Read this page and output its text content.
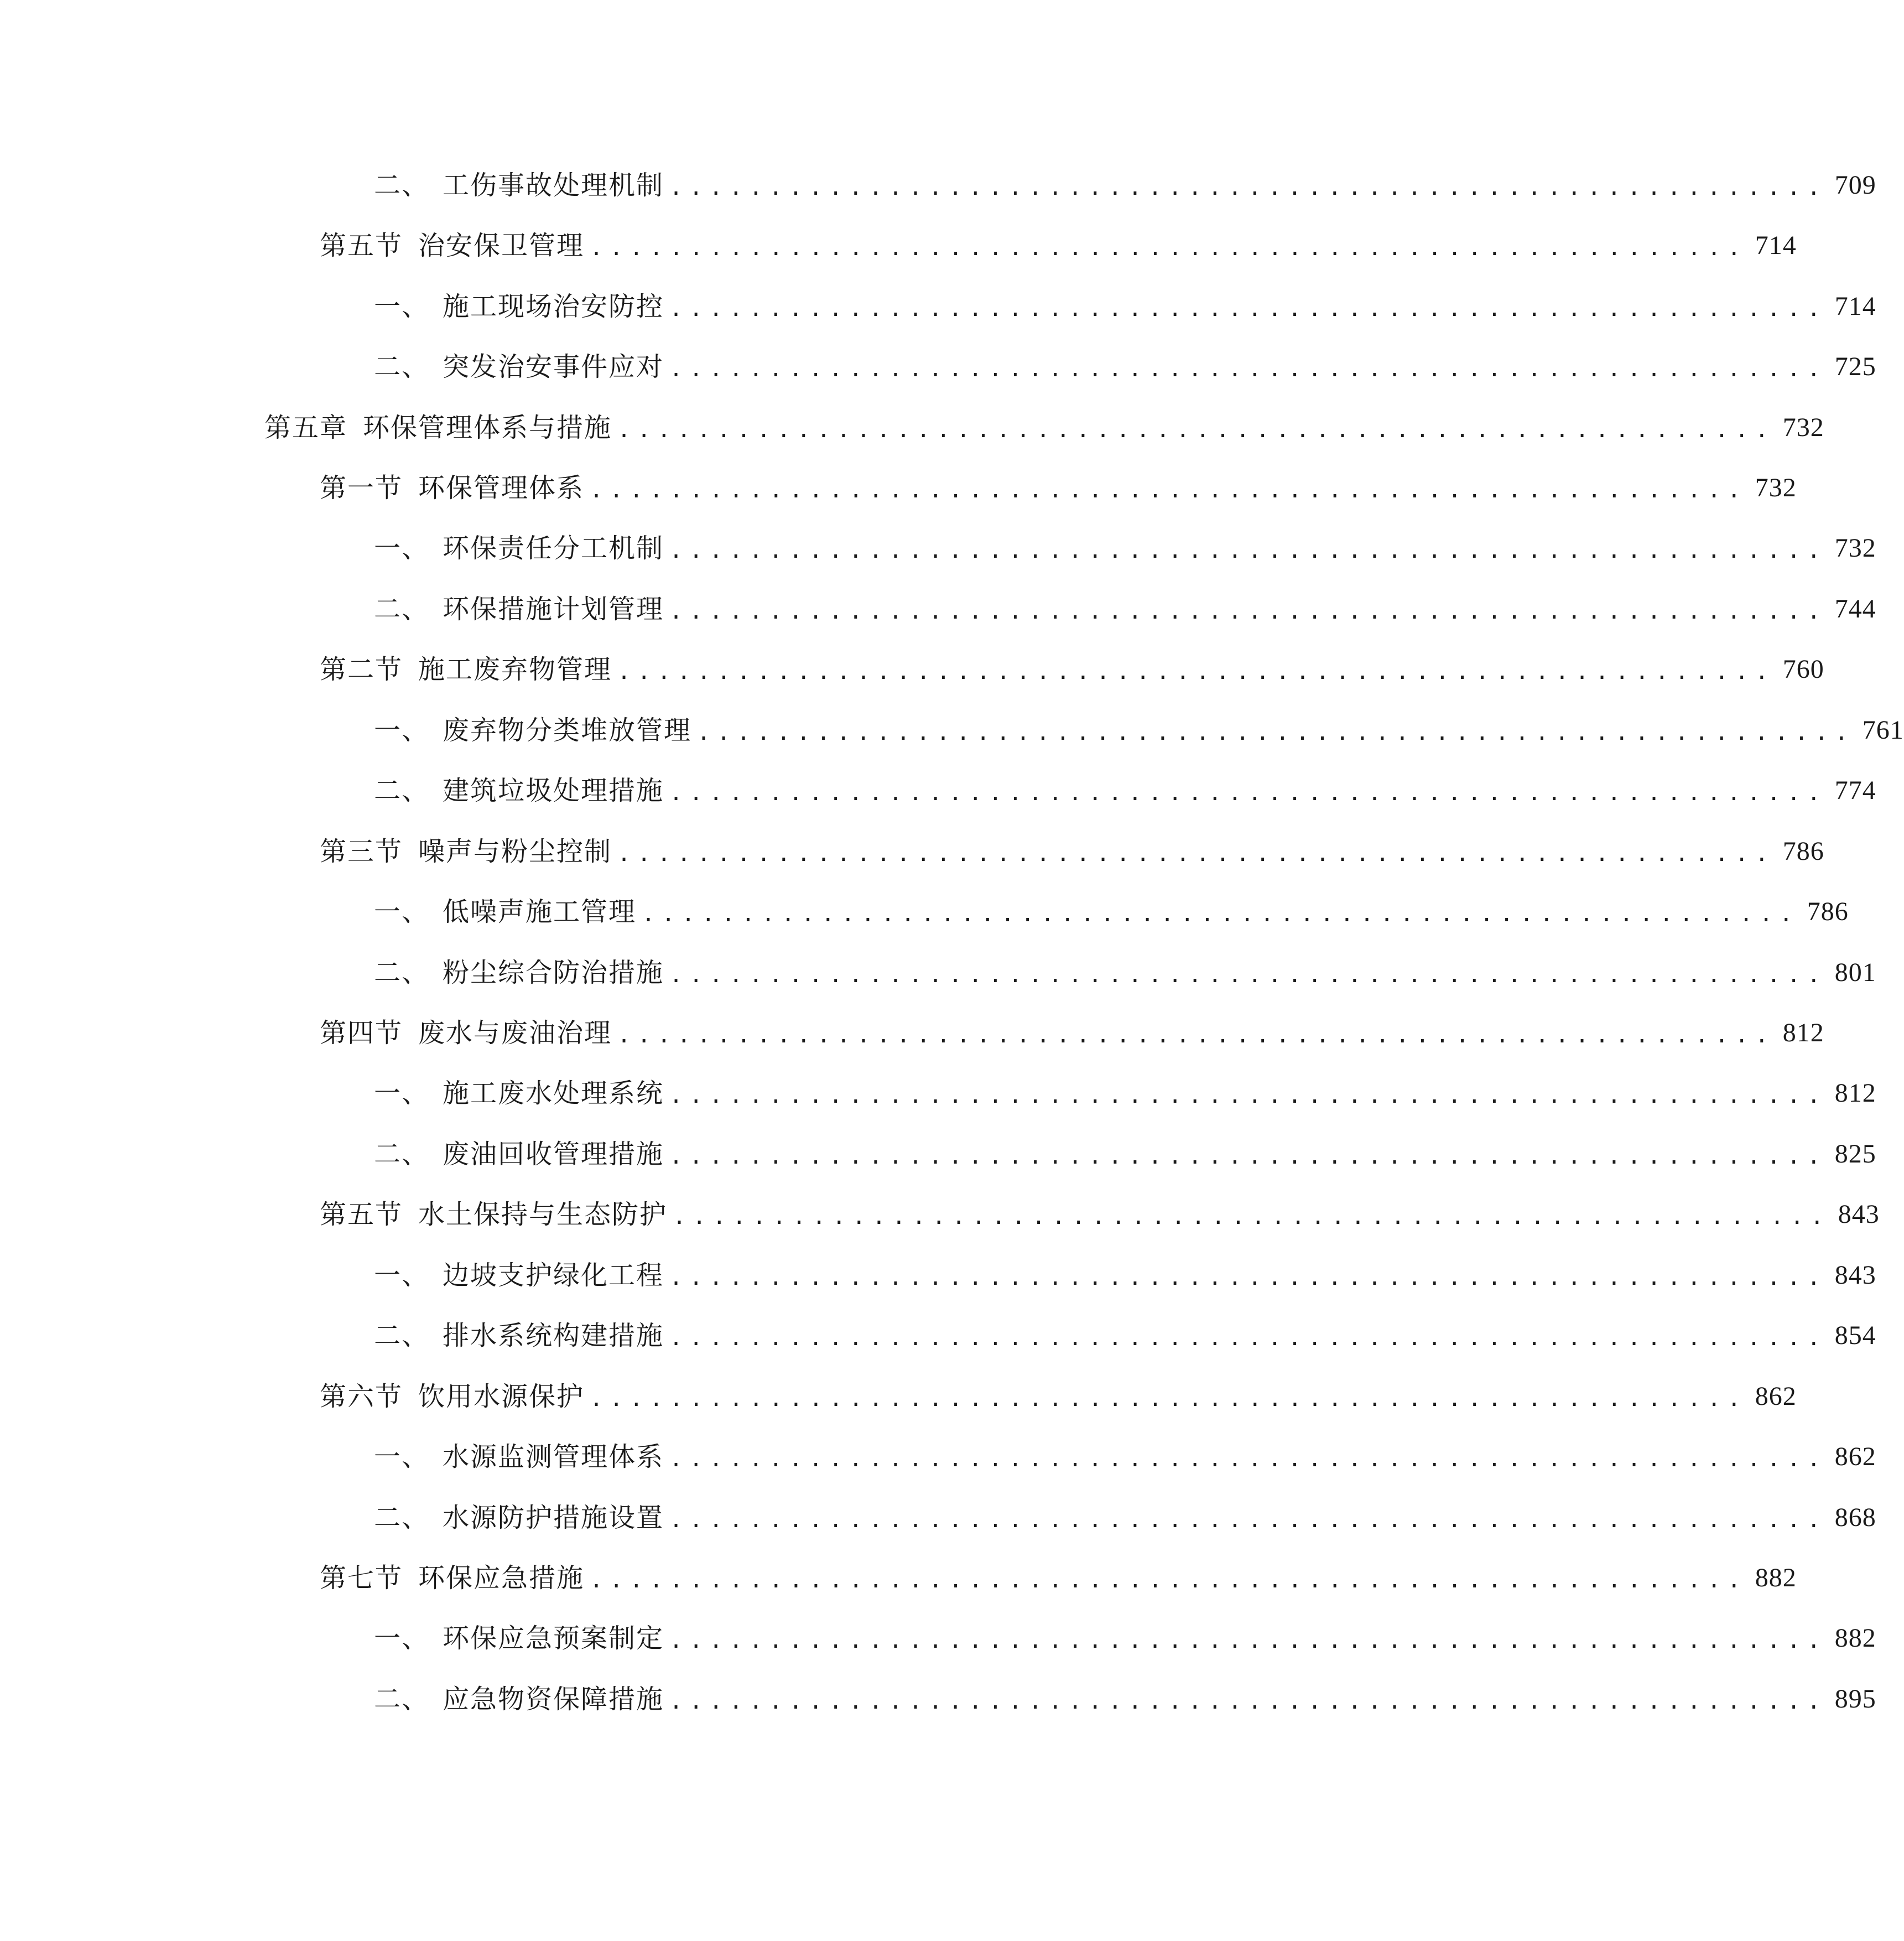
二、 工伤事故处理机制 .......................................................... 709
第五节 治安保卫管理 .......................................................... 714
一、 施工现场治安防控 .......................................................... 714
二、 突发治安事件应对 .......................................................... 725
第五章 环保管理体系与措施 .......................................................... 732
第一节 环保管理体系 .......................................................... 732
一、 环保责任分工机制 .......................................................... 732
二、 环保措施计划管理 .......................................................... 744
第二节 施工废弃物管理 .......................................................... 760
一、 废弃物分类堆放管理 .......................................................... 761
二、 建筑垃圾处理措施 .......................................................... 774
第三节 噪声与粉尘控制 .......................................................... 786
一、 低噪声施工管理 .......................................................... 786
二、 粉尘综合防治措施 .......................................................... 801
第四节 废水与废油治理 .......................................................... 812
一、 施工废水处理系统 .......................................................... 812
二、 废油回收管理措施 .......................................................... 825
第五节 水土保持与生态防护 .......................................................... 843
一、 边坡支护绿化工程 .......................................................... 843
二、 排水系统构建措施 .......................................................... 854
第六节 饮用水源保护 .......................................................... 862
一、 水源监测管理体系 .......................................................... 862
二、 水源防护措施设置 .......................................................... 868
第七节 环保应急措施 .......................................................... 882
一、 环保应急预案制定 .......................................................... 882
二、 应急物资保障措施 .......................................................... 895
